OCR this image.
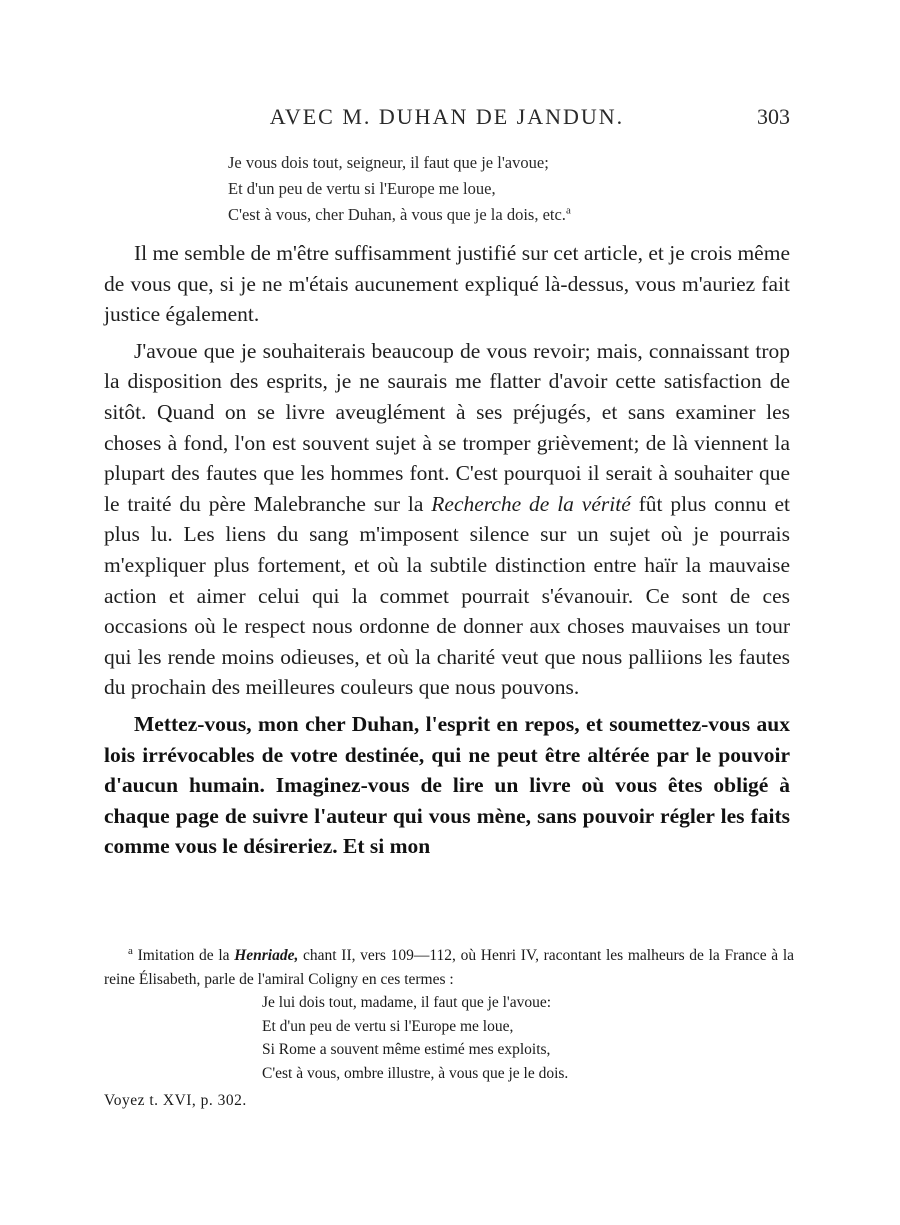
AVEC M. DUHAN DE JANDUN.	303
Je vous dois tout, seigneur, il faut que je l'avoue;
Et d'un peu de vertu si l'Europe me loue,
C'est à vous, cher Duhan, à vous que je la dois, etc.$^a$

Il me semble de m'être suffisamment justifié sur cet article, et je crois même de vous que, si je ne m'étais aucunement expliqué là-dessus, vous m'auriez fait justice également.

J'avoue que je souhaiterais beaucoup de vous revoir; mais, connaissant trop la disposition des esprits, je ne saurais me flatter d'avoir cette satisfaction de sitôt. Quand on se livre aveuglément à ses préjugés, et sans examiner les choses à fond, l'on est souvent sujet à se tromper grièvement; de là viennent la plupart des fautes que les hommes font. C'est pourquoi il serait à souhaiter que le traité du père Malebranche sur la Recherche de la vérité fût plus connu et plus lu. Les liens du sang m'imposent silence sur un sujet où je pourrais m'expliquer plus fortement, et où la subtile distinction entre haïr la mauvaise action et aimer celui qui la commet pourrait s'évanouir. Ce sont de ces occasions où le respect nous ordonne de donner aux choses mauvaises un tour qui les rende moins odieuses, et où la charité veut que nous palliions les fautes du prochain des meilleures couleurs que nous pouvons.

Mettez-vous, mon cher Duhan, l'esprit en repos, et soumettez-vous aux lois irrévocables de votre destinée, qui ne peut être altérée par le pouvoir d'aucun humain. Imaginez-vous de lire un livre où vous êtes obligé à chaque page de suivre l'auteur qui vous mène, sans pouvoir régler les faits comme vous le désireriez. Et si mon

$^a$ Imitation de la Henriade, chant II, vers 109—112, où Henri IV, racontant les malheurs de la France à la reine Élisabeth, parle de l'amiral Coligny en ces termes :

Je lui dois tout, madame, il faut que je l'avoue:
Et d'un peu de vertu si l'Europe me loue,
Si Rome a souvent même estimé mes exploits,
C'est à vous, ombre illustre, à vous que je le dois.

Voyez t. XVI, p. 302.
